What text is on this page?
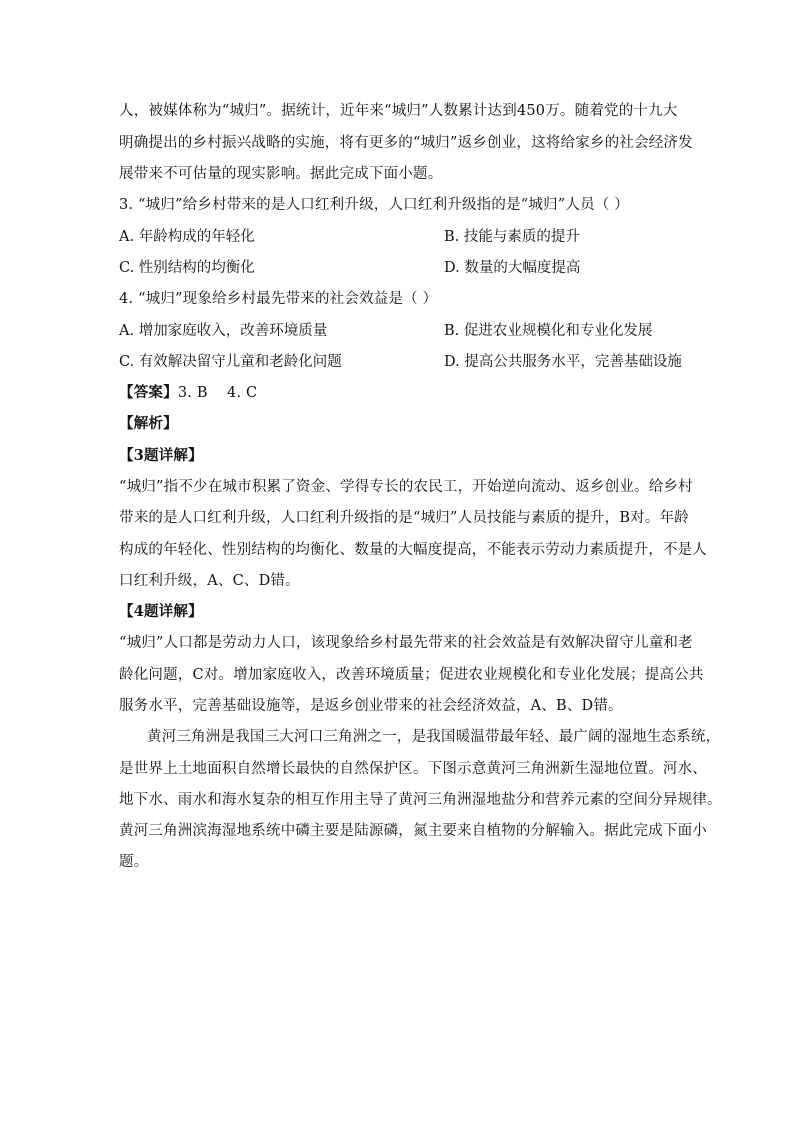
人，被媒体称为“城归”。据统计，近年来“城归”人数累计达到450万。随着党的十九大
明确提出的乡村振兴战略的实施，将有更多的“城归”返乡创业，这将给家乡的社会经济发
展带来不可估量的现实影响。据此完成下面小题。
3. “城归”给乡村带来的是人口红利升级，人口红利升级指的是“城归”人员（ ）
A. 年龄构成的年轻化	B. 技能与素质的提升
C. 性别结构的均衡化	D. 数量的大幅度提高
4. “城归”现象给乡村最先带来的社会效益是（ ）
A. 增加家庭收入，改善环境质量	B. 促进农业规模化和专业化发展
C. 有效解决留守儿童和老龄化问题	D. 提高公共服务水平，完善基础设施
【答案】3. B    4. C
【解析】
【3题详解】
“城归”指不少在城市积累了资金、学得专长的农民工，开始逆向流动、返乡创业。给乡村
带来的是人口红利升级，人口红利升级指的是“城归”人员技能与素质的提升，B对。年龄
构成的年轻化、性别结构的均衡化、数量的大幅度提高，不能表示劳动力素质提升，不是人
口红利升级，A、C、D错。
【4题详解】
“城归”人口都是劳动力人口，该现象给乡村最先带来的社会效益是有效解决留守儿童和老
龄化问题，C对。增加家庭收入，改善环境质量；促进农业规模化和专业化发展；提高公共
服务水平，完善基础设施等，是返乡创业带来的社会经济效益，A、B、D错。
黄河三角洲是我国三大河口三角洲之一，是我国暖温带最年轻、最广阔的湿地生态系统，
是世界上土地面积自然增长最快的自然保护区。下图示意黄河三角洲新生湿地位置。河水、
地下水、雨水和海水复杂的相互作用主导了黄河三角洲湿地盐分和营养元素的空间分异规律。
黄河三角洲滨海湿地系统中磷主要是陆源磷，氮主要来自植物的分解输入。据此完成下面小
题。
